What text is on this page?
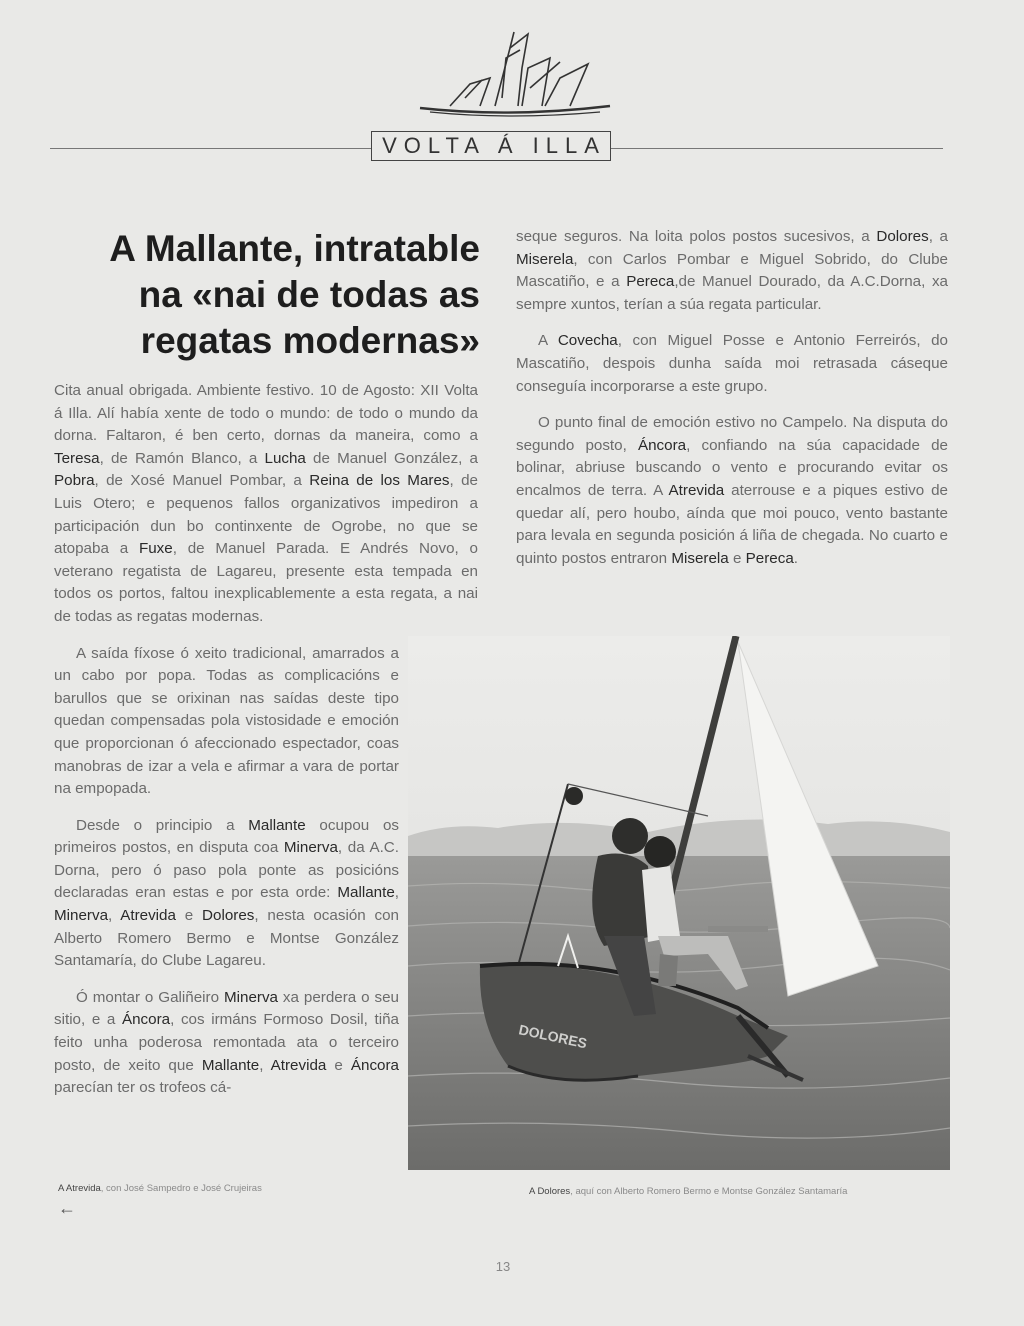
VOLTA Á ILLA
A Mallante, intratable na «nai de todas as regatas modernas»

Cita anual obrigada. Ambiente festivo. 10 de Agosto: XII Volta á Illa. Alí había xente de todo o mundo: de todo o mundo da dorna. Faltaron, é ben certo, dornas da maneira, como a Teresa, de Ramón Blanco, a Lucha de Manuel González, a Pobra, de Xosé Manuel Pombar, a Reina de los Mares, de Luis Otero; e pequenos fallos organizativos impediron a participación dun bo continxente de Ogrobe, no que se atopaba a Fuxe, de Manuel Parada. E Andrés Novo, o veterano regatista de Lagareu, presente esta tempada en todos os portos, faltou inexplicablemente a esta regata, a nai de todas as regatas modernas.

A saída fíxose ó xeito tradicional, amarrados a un cabo por popa. Todas as complicacións e barullos que se orixinan nas saídas deste tipo quedan compensadas pola vistosidade e emoción que proporcionan ó afeccionado espectador, coas manobras de izar a vela e afirmar a vara de portar na empopada.

Desde o principio a Mallante ocupou os primeiros postos, en disputa coa Minerva, da A.C. Dorna, pero ó paso pola ponte as posicións declaradas eran estas e por esta orde: Mallante, Minerva, Atrevida e Dolores, nesta ocasión con Alberto Romero Bermo e Montse González Santamaría, do Clube Lagareu.

Ó montar o Galiñeiro Minerva xa perdera o seu sitio, e a Áncora, cos irmáns Formoso Dosil, tiña feito unha poderosa remontada ata o terceiro posto, de xeito que Mallante, Atrevida e Áncora parecían ter os trofeos cá-

seque seguros. Na loita polos postos sucesivos, a Dolores, a Miserela, con Carlos Pombar e Miguel Sobrido, do Clube Mascatiño, e a Pereca,de Manuel Dourado, da A.C.Dorna, xa sempre xuntos, terían a súa regata particular.

A Covecha, con Miguel Posse e Antonio Ferreirós, do Mascatiño, despois dunha saída moi retrasada cáseque conseguía incorporarse a este grupo.

O punto final de emoción estivo no Campelo. Na disputa do segundo posto, Áncora, confiando na súa capacidade de bolinar, abriuse buscando o vento e procurando evitar os encalmos de terra. A Atrevida aterrouse e a piques estivo de quedar alí, pero houbo, aínda que moi pouco, vento bastante para levala en segunda posición á liña de chegada. No cuarto e quinto postos entraron Miserela e Pereca.

DOLORES
A Atrevida, con José Sampedro e José Crujeiras
←
A Dolores, aquí con Alberto Romero Bermo e Montse González Santamaría
13
